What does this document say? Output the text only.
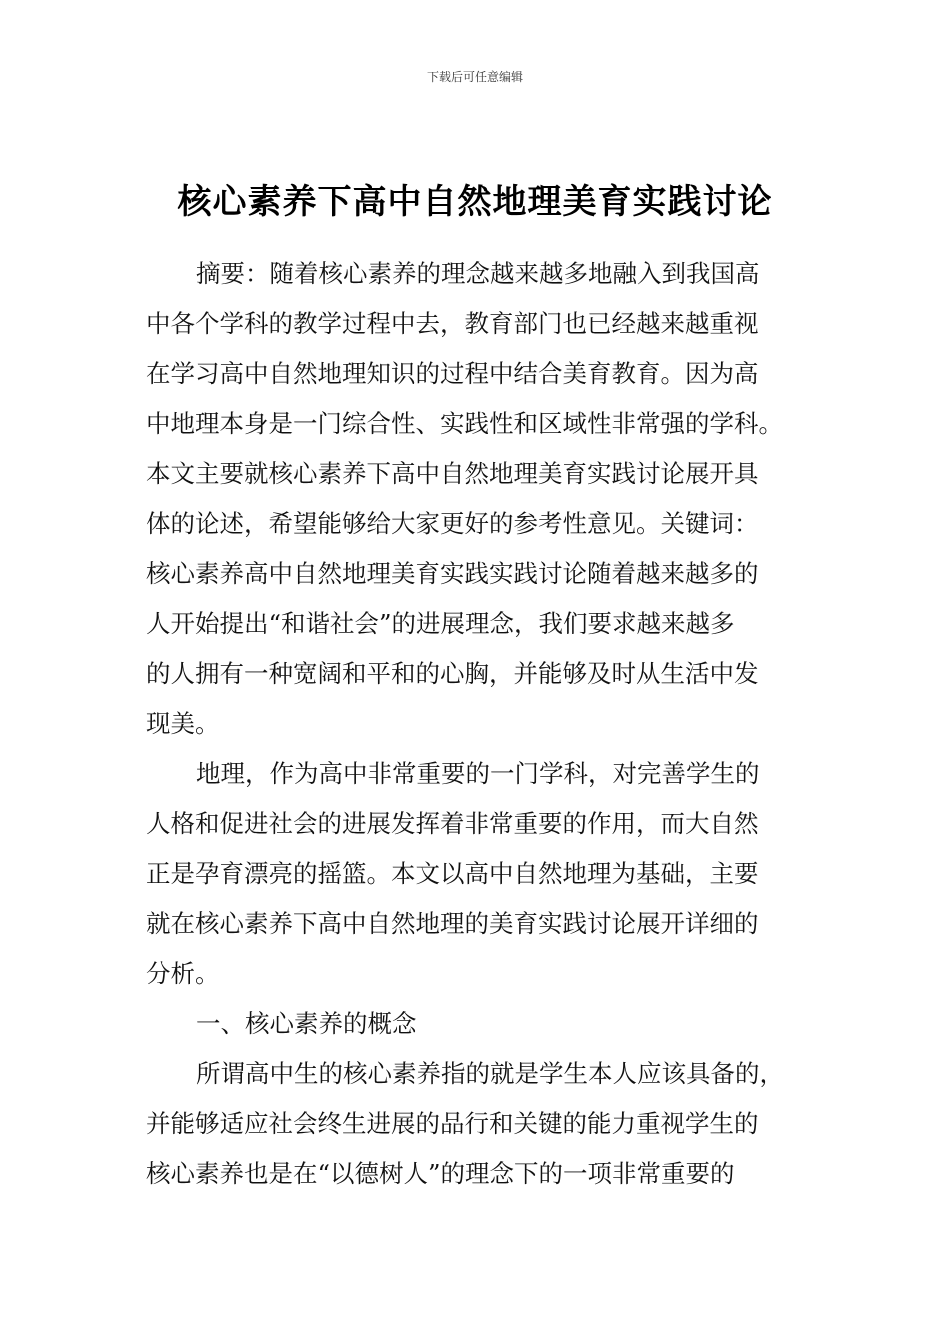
下载后可任意编辑
核心素养下高中自然地理美育实践讨论
摘要：随着核心素养的理念越来越多地融入到我国高
中各个学科的教学过程中去，教育部门也已经越来越重视
在学习高中自然地理知识的过程中结合美育教育。因为高
中地理本身是一门综合性、实践性和区域性非常强的学科。
本文主要就核心素养下高中自然地理美育实践讨论展开具
体的论述，希望能够给大家更好的参考性意见。关键词：
核心素养高中自然地理美育实践实践讨论随着越来越多的
人开始提出“和谐社会”的进展理念，我们要求越来越多
的人拥有一种宽阔和平和的心胸，并能够及时从生活中发
现美。
地理，作为高中非常重要的一门学科，对完善学生的
人格和促进社会的进展发挥着非常重要的作用，而大自然
正是孕育漂亮的摇篮。本文以高中自然地理为基础，主要
就在核心素养下高中自然地理的美育实践讨论展开详细的
分析。
一、核心素养的概念
所谓高中生的核心素养指的就是学生本人应该具备的，
并能够适应社会终生进展的品行和关键的能力重视学生的
核心素养也是在“以德树人”的理念下的一项非常重要的
